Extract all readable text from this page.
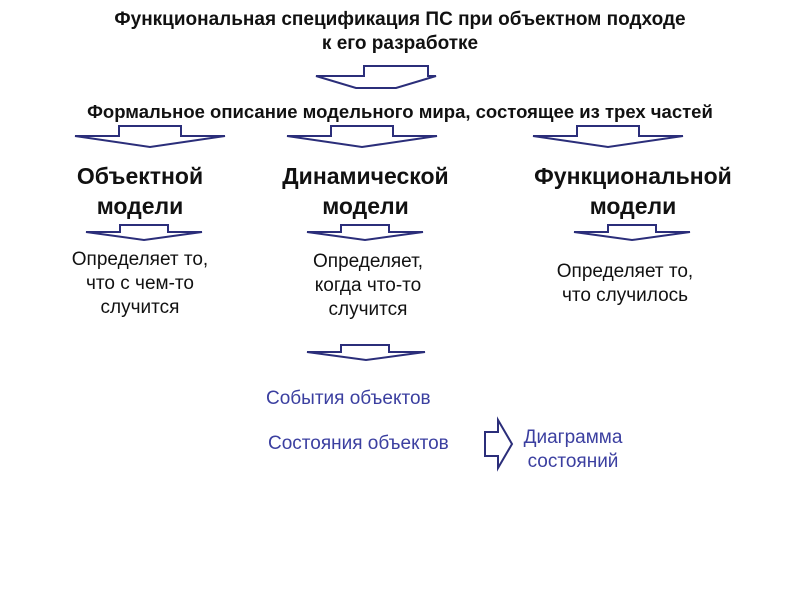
Функциональная спецификация ПС при объектном подходе
к его разработке
Формальное описание модельного мира, состоящее из трех частей
Объектной
модели
Динамической
модели
Функциональной
модели
Определяет то,
что с чем-то
случится
Определяет,
когда что-то
случится
Определяет то,
что случилось
События объектов
Состояния объектов	Диаграмма
состояний
